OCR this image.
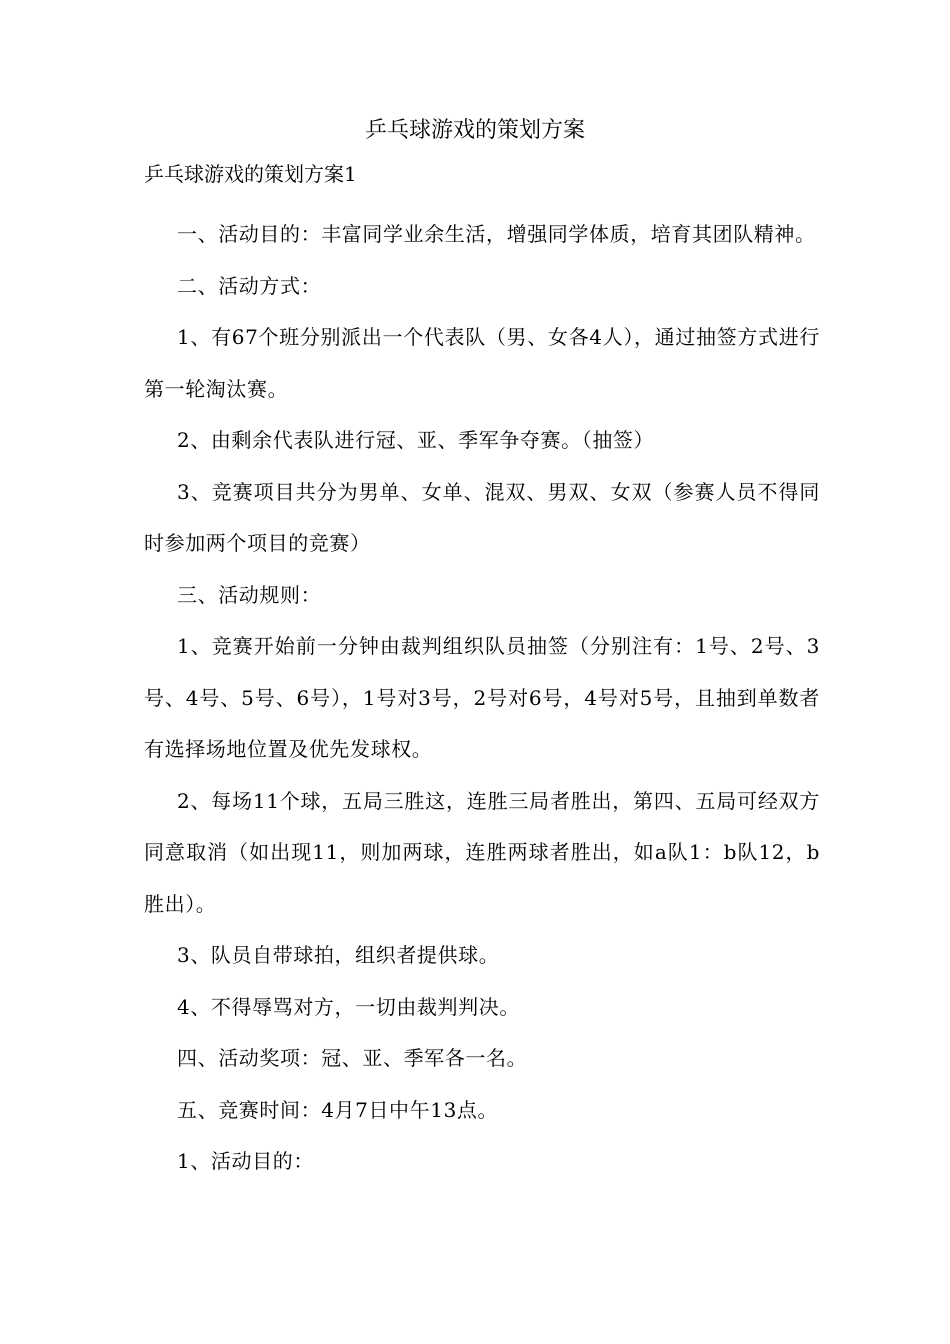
乒乓球游戏的策划方案

乒乓球游戏的策划方案1

一、活动目的：丰富同学业余生活，增强同学体质，培育其团队精神。

二、活动方式：

1、有67个班分别派出一个代表队（男、女各4人），通过抽签方式进行第一轮淘汰赛。

2、由剩余代表队进行冠、亚、季军争夺赛。（抽签）

3、竞赛项目共分为男单、女单、混双、男双、女双（参赛人员不得同时参加两个项目的竞赛）

三、活动规则：

1、竞赛开始前一分钟由裁判组织队员抽签（分别注有：1号、2号、3号、4号、5号、6号），1号对3号，2号对6号，4号对5号，且抽到单数者有选择场地位置及优先发球权。

2、每场11个球，五局三胜这，连胜三局者胜出，第四、五局可经双方同意取消（如出现11，则加两球，连胜两球者胜出，如a队1：b队12，b胜出）。

3、队员自带球拍，组织者提供球。

4、不得辱骂对方，一切由裁判判决。

四、活动奖项：冠、亚、季军各一名。

五、竞赛时间：4月7日中午13点。

1、活动目的：
